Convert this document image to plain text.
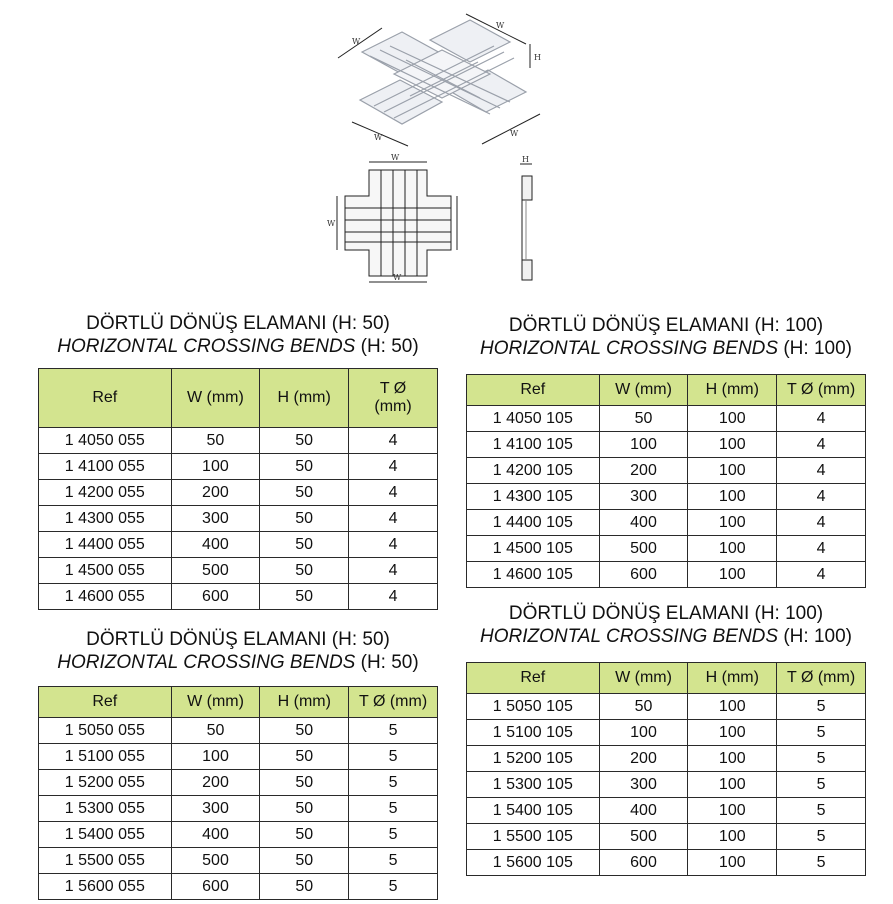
W
W
H
W	W
W
W
W
H
DÖRTLÜ DÖNÜŞ ELAMANI (H: 50)
HORIZONTAL CROSSING BENDS (H: 50)
Ref	W (mm)	H (mm)	T Ø (mm)
1 4050 055	50	50	4
1 4100 055	100	50	4
1 4200 055	200	50	4
1 4300 055	300	50	4
1 4400 055	400	50	4
1 4500 055	500	50	4
1 4600 055	600	50	4
DÖRTLÜ DÖNÜŞ ELAMANI (H: 100)
HORIZONTAL CROSSING BENDS (H: 100)
Ref	W (mm)	H (mm)	T Ø (mm)
1 4050 105	50	100	4
1 4100 105	100	100	4
1 4200 105	200	100	4
1 4300 105	300	100	4
1 4400 105	400	100	4
1 4500 105	500	100	4
1 4600 105	600	100	4
DÖRTLÜ DÖNÜŞ ELAMANI (H: 50)
HORIZONTAL CROSSING BENDS (H: 50)
Ref	W (mm)	H (mm)	T Ø (mm)
1 5050 055	50	50	5
1 5100 055	100	50	5
1 5200 055	200	50	5
1 5300 055	300	50	5
1 5400 055	400	50	5
1 5500 055	500	50	5
1 5600 055	600	50	5
DÖRTLÜ DÖNÜŞ ELAMANI (H: 100)
HORIZONTAL CROSSING BENDS (H: 100)
Ref	W (mm)	H (mm)	T Ø (mm)
1 5050 105	50	100	5
1 5100 105	100	100	5
1 5200 105	200	100	5
1 5300 105	300	100	5
1 5400 105	400	100	5
1 5500 105	500	100	5
1 5600 105	600	100	5
